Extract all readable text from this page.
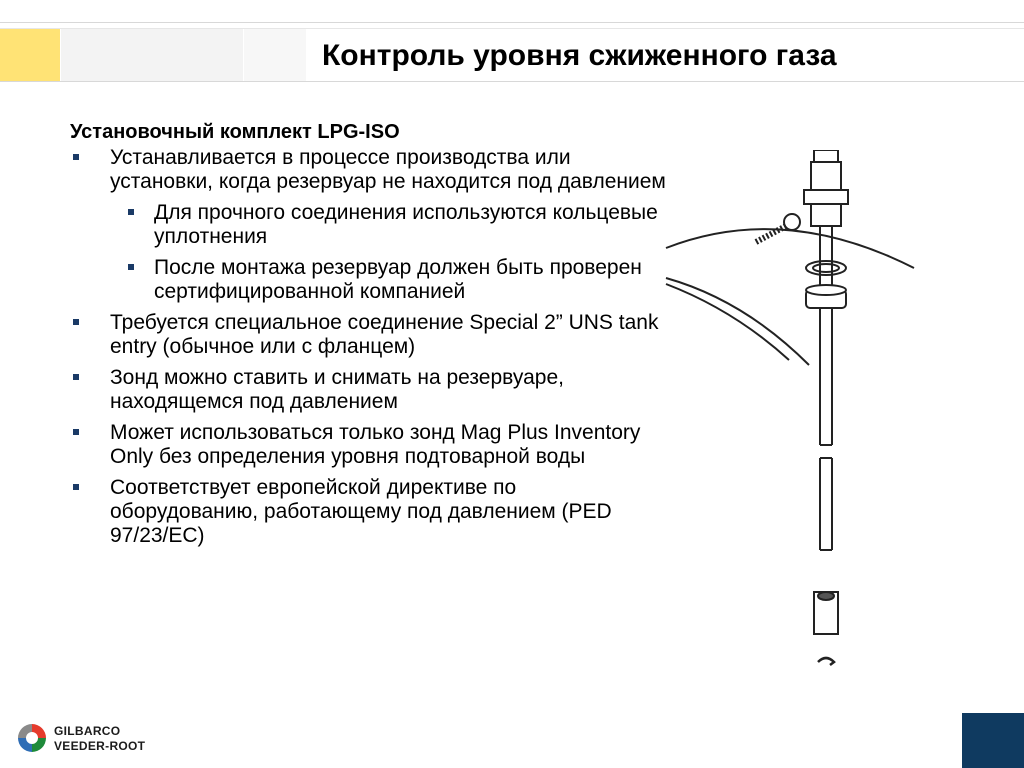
Контроль уровня сжиженного газа
Установочный комплект LPG-ISO
Устанавливается в процессе производства или установки, когда резервуар не находится под давлением
Для прочного соединения используются кольцевые уплотнения
После монтажа резервуар должен быть проверен сертифицированной компанией
Требуется специальное соединение Special 2” UNS tank entry (обычное или с фланцем)
Зонд можно ставить и снимать на резервуаре, находящемся под давлением
Может использоваться только зонд Mag Plus Inventory Only без определения уровня подтоварной воды
Соответствует европейской директиве по оборудованию, работающему под давлением (PED 97/23/EC)
GILBARCO
VEEDER-ROOT
